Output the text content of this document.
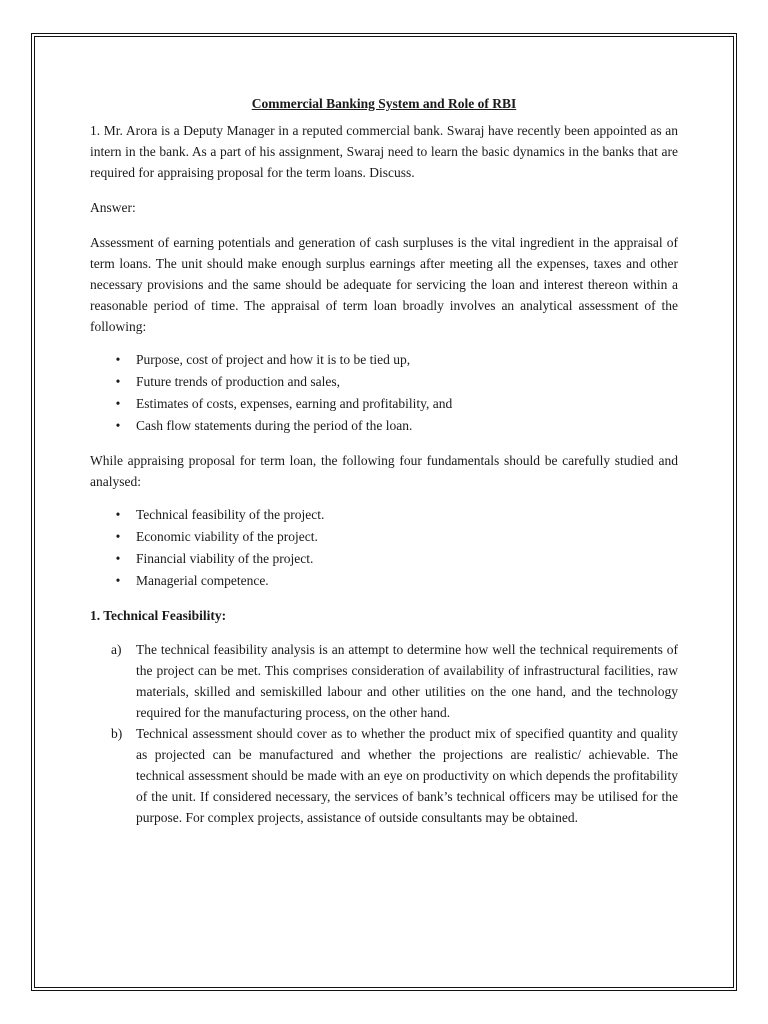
Commercial Banking System and Role of RBI

1. Mr. Arora is a Deputy Manager in a reputed commercial bank. Swaraj have recently been appointed as an intern in the bank. As a part of his assignment, Swaraj need to learn the basic dynamics in the banks that are required for appraising proposal for the term loans. Discuss.

Answer:

Assessment of earning potentials and generation of cash surpluses is the vital ingredient in the appraisal of term loans. The unit should make enough surplus earnings after meeting all the expenses, taxes and other necessary provisions and the same should be adequate for servicing the loan and interest thereon within a reasonable period of time. The appraisal of term loan broadly involves an analytical assessment of the following:

• Purpose, cost of project and how it is to be tied up,
• Future trends of production and sales,
• Estimates of costs, expenses, earning and profitability, and
• Cash flow statements during the period of the loan.

While appraising proposal for term loan, the following four fundamentals should be carefully studied and analysed:

• Technical feasibility of the project.
• Economic viability of the project.
• Financial viability of the project.
• Managerial competence.
1. Technical Feasibility:
a)	The technical feasibility analysis is an attempt to determine how well the technical requirements of the project can be met. This comprises consideration of availability of infrastructural facilities, raw materials, skilled and semiskilled labour and other utilities on the one hand, and the technology required for the manufacturing process, on the other hand.
b)	Technical assessment should cover as to whether the product mix of specified quantity and quality as projected can be manufactured and whether the projections are realistic/ achievable. The technical assessment should be made with an eye on productivity on which depends the profitability of the unit. If considered necessary, the services of bank’s technical officers may be utilised for the purpose. For complex projects, assistance of outside consultants may be obtained.
